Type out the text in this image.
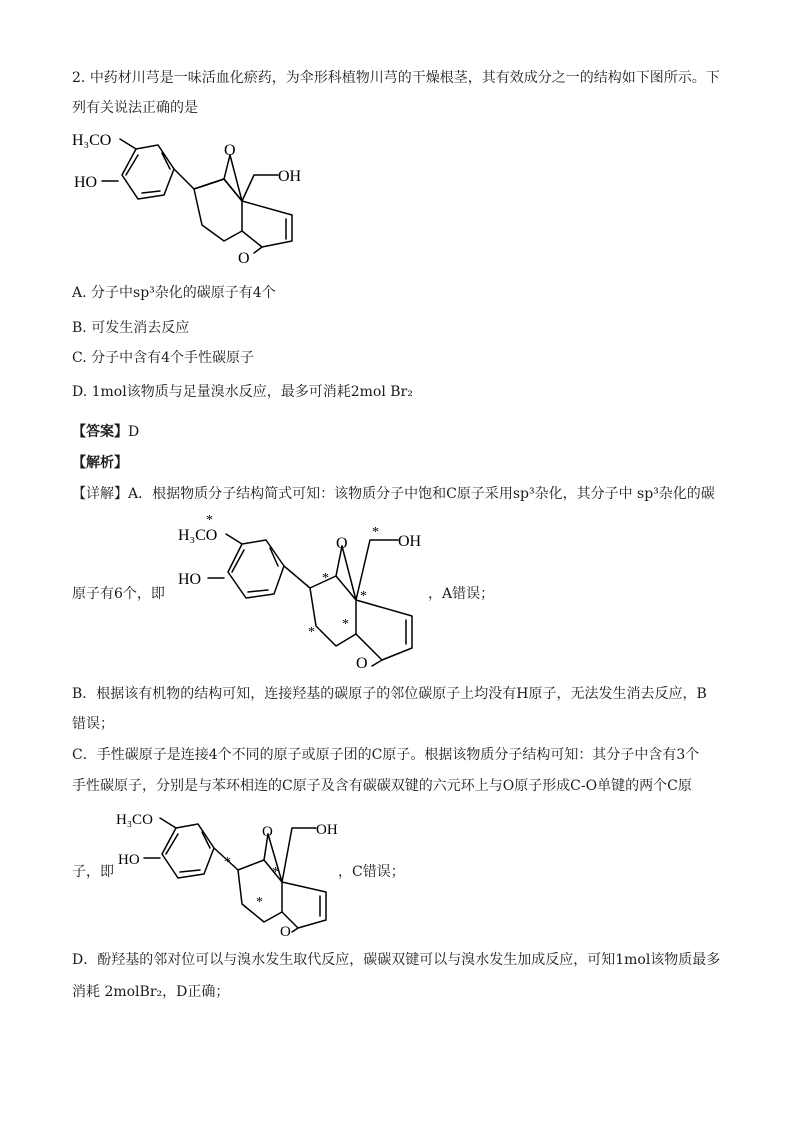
2. 中药材川芎是一味活血化瘀药，为伞形科植物川芎的干燥根茎，其有效成分之一的结构如下图所示。下
列有关说法正确的是
H₃CO
HO
O
OH
O
A. 分子中sp³杂化的碳原子有4个
B. 可发生消去反应
C. 分子中含有4个手性碳原子
D. 1mol该物质与足量溴水反应，最多可消耗2mol Br₂
【答案】D
【解析】
【详解】A．根据物质分子结构简式可知：该物质分子中饱和C原子采用sp³杂化，其分子中 sp³杂化的碳
*
H₃CO
HO	*
O
*
*
OH
*
*
O
原子有6个，即	，A错误；
B．根据该有机物的结构可知，连接羟基的碳原子的邻位碳原子上均没有H原子，无法发生消去反应，B
错误；
C．手性碳原子是连接4个不同的原子或原子团的C原子。根据该物质分子结构可知：其分子中含有3个
手性碳原子，分别是与苯环相连的C原子及含有碳碳双键的六元环上与O原子形成C-O单键的两个C原
H₃CO
HO	*
O
*
*
OH
O
子，即	，C错误；
D．酚羟基的邻对位可以与溴水发生取代反应，碳碳双键可以与溴水发生加成反应，可知1mol该物质最多
消耗 2molBr₂，D正确；
